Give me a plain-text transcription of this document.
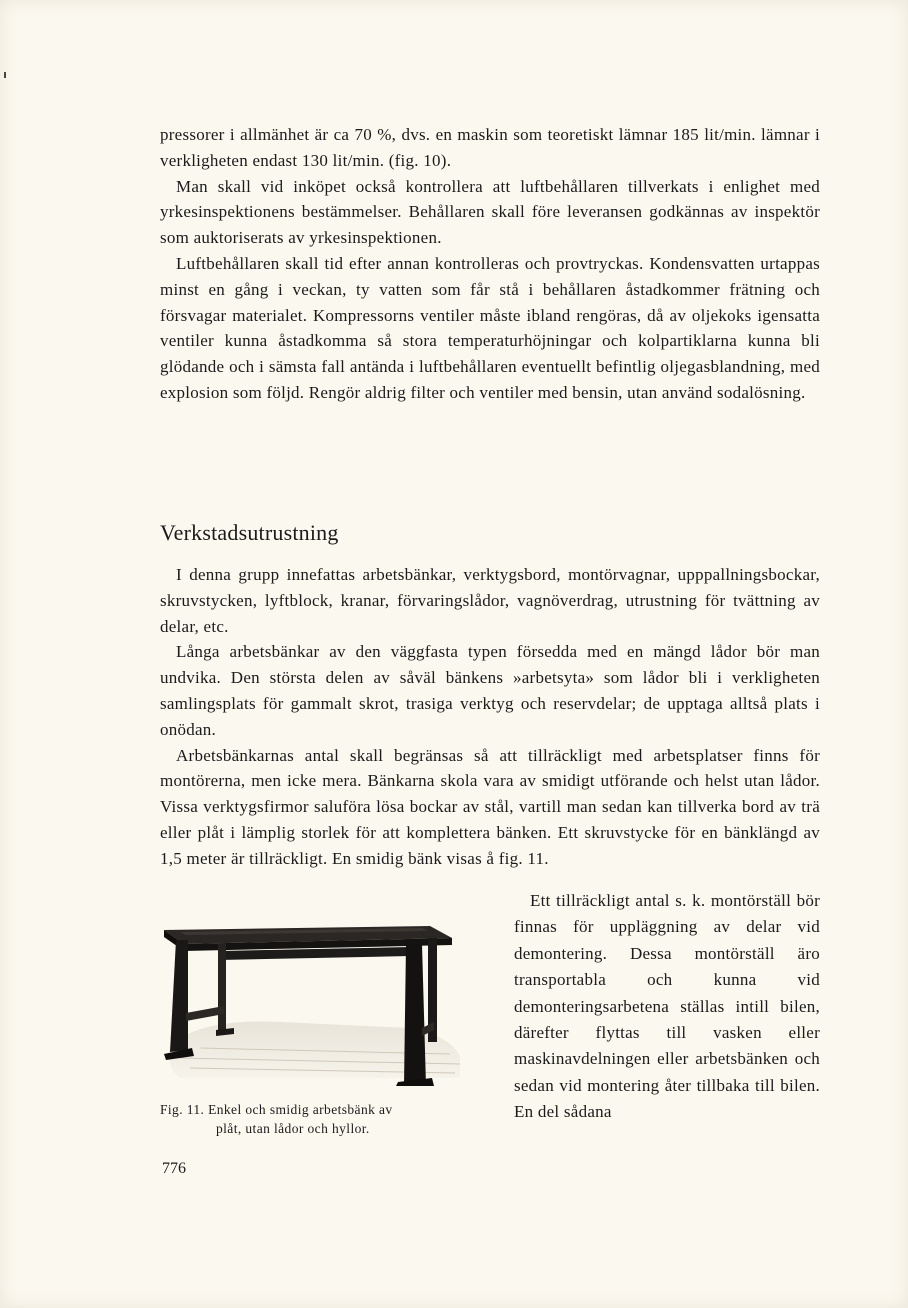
pressorer i allmänhet är ca 70 %, dvs. en maskin som teoretiskt lämnar 185 lit/min. lämnar i verkligheten endast 130 lit/min. (fig. 10).

Man skall vid inköpet också kontrollera att luftbehållaren tillverkats i enlighet med yrkesinspektionens bestämmelser. Behållaren skall före leveransen godkännas av inspektör som auktoriserats av yrkesinspektionen.

Luftbehållaren skall tid efter annan kontrolleras och provtryckas. Kondensvatten urtappas minst en gång i veckan, ty vatten som får stå i behållaren åstadkommer frätning och försvagar materialet. Kompressorns ventiler måste ibland rengöras, då av oljekoks igensatta ventiler kunna åstadkomma så stora temperaturhöjningar och kolpartiklarna kunna bli glödande och i sämsta fall antända i luftbehållaren eventuellt befintlig oljegasblandning, med explosion som följd. Rengör aldrig filter och ventiler med bensin, utan använd sodalösning.

Verkstadsutrustning

I denna grupp innefattas arbetsbänkar, verktygsbord, montörvagnar, upppallningsbockar, skruvstycken, lyftblock, kranar, förvaringslådor, vagnöverdrag, utrustning för tvättning av delar, etc.

Långa arbetsbänkar av den väggfasta typen försedda med en mängd lådor bör man undvika. Den största delen av såväl bänkens »arbetsyta» som lådor bli i verkligheten samlingsplats för gammalt skrot, trasiga verktyg och reservdelar; de upptaga alltså plats i onödan.

Arbetsbänkarnas antal skall begränsas så att tillräckligt med arbetsplatser finns för montörerna, men icke mera. Bänkarna skola vara av smidigt utförande och helst utan lådor. Vissa verktygsfirmor saluföra lösa bockar av stål, vartill man sedan kan tillverka bord av trä eller plåt i lämplig storlek för att komplettera bänken. Ett skruvstycke för en bänklängd av 1,5 meter är tillräckligt. En smidig bänk visas å fig. 11.

Fig. 11. Enkel och smidig arbetsbänk av
plåt, utan lådor och hyllor.

Ett tillräckligt antal s. k. montörställ bör finnas för uppläggning av delar vid demontering. Dessa montörställ äro transportabla och kunna vid demonteringsarbetena ställas intill bilen, därefter flyttas till vasken eller maskinavdelningen eller arbetsbänken och sedan vid montering åter tillbaka till bilen. En del sådana

776
